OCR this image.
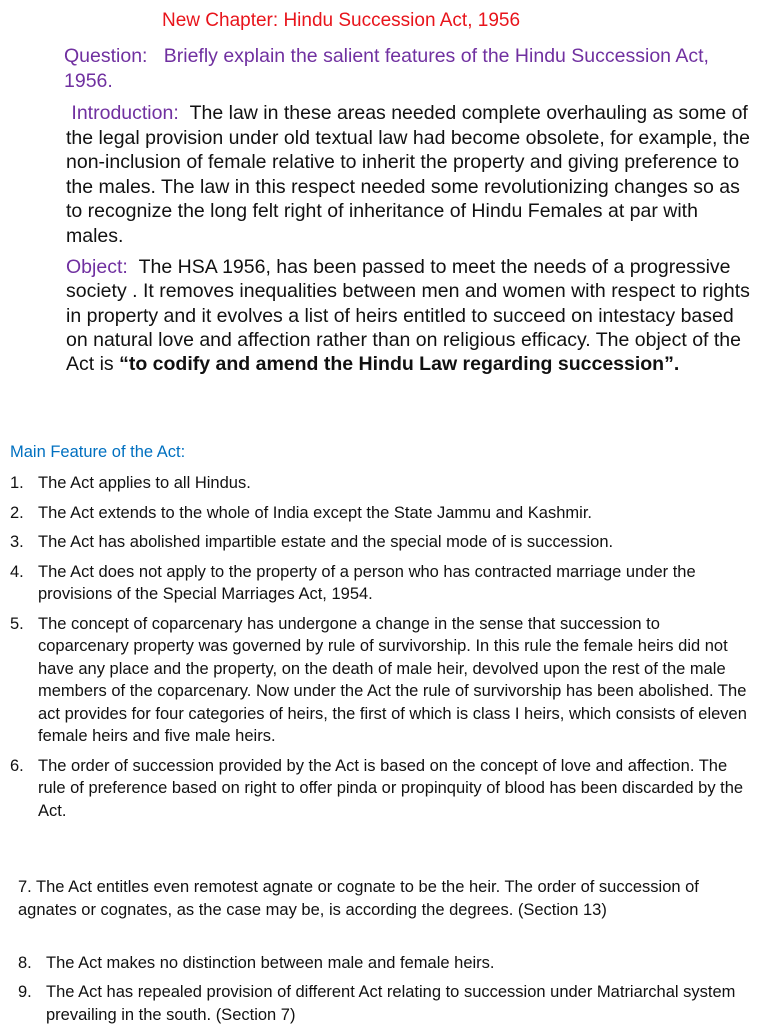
New Chapter: Hindu Succession Act, 1956
Question: Briefly explain the salient features of the Hindu Succession Act, 1956.
Introduction: The law in these areas needed complete overhauling as some of the legal provision under old textual law had become obsolete, for example, the non-inclusion of female relative to inherit the property and giving preference to the males. The law in this respect needed some revolutionizing changes so as to recognize the long felt right of inheritance of Hindu Females at par with males.
Object: The HSA 1956, has been passed to meet the needs of a progressive society . It removes inequalities between men and women with respect to rights in property and it evolves a list of heirs entitled to succeed on intestacy based on natural love and affection rather than on religious efficacy. The object of the Act is “to codify and amend the Hindu Law regarding succession”.
Main Feature of the Act:
1. The Act applies to all Hindus.
2. The Act extends to the whole of India except the State Jammu and Kashmir.
3. The Act has abolished impartible estate and the special mode of is succession.
4. The Act does not apply to the property of a person who has contracted marriage under the provisions of the Special Marriages Act, 1954.
5. The concept of coparcenary has undergone a change in the sense that succession to coparcenary property was governed by rule of survivorship. In this rule the female heirs did not have any place and the property, on the death of male heir, devolved upon the rest of the male members of the coparcenary. Now under the Act the rule of survivorship has been abolished. The act provides for four categories of heirs, the first of which is class I heirs, which consists of eleven female heirs and five male heirs.
6. The order of succession provided by the Act is based on the concept of love and affection. The rule of preference based on right to offer pinda or propinquity of blood has been discarded by the Act.
7. The Act entitles even remotest agnate or cognate to be the heir. The order of succession of agnates or cognates, as the case may be, is according the degrees. (Section 13)
8. The Act makes no distinction between male and female heirs.
9. The Act has repealed provision of different Act relating to succession under Matriarchal system prevailing in the south. (Section 7)
